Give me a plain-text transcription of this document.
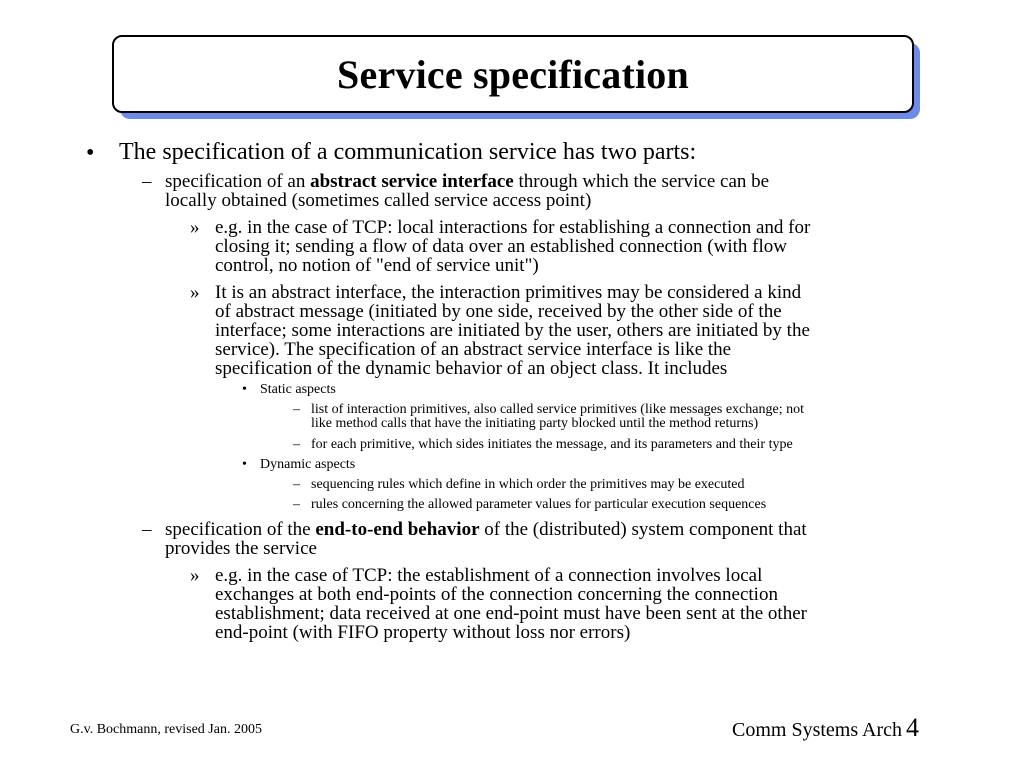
Service specification
• The specification of a communication service has two parts:
– specification of an abstract service interface through which the service can be
locally obtained (sometimes called service access point)
» e.g. in the case of TCP: local interactions for establishing a connection and for
closing it; sending a flow of data over an established connection (with flow
control, no notion of "end of service unit")
» It is an abstract interface, the interaction primitives may be considered a kind
of abstract message (initiated by one side, received by the other side of the
interface; some interactions are initiated by the user, others are initiated by the
service). The specification of an abstract service interface is like the
specification of the dynamic behavior of an object class. It includes
• Static aspects
– list of interaction primitives, also called service primitives (like messages exchange; not
like method calls that have the initiating party blocked until the method returns)
– for each primitive, which sides initiates the message, and its parameters and their type
• Dynamic aspects
– sequencing rules which define in which order the primitives may be executed
– rules concerning the allowed parameter values for particular execution sequences
– specification of the end-to-end behavior of the (distributed) system component that
provides the service
» e.g. in the case of TCP: the establishment of a connection involves local
exchanges at both end-points of the connection concerning the connection
establishment; data received at one end-point must have been sent at the other
end-point (with FIFO property without loss nor errors)
G.v. Bochmann, revised Jan. 2005	Comm Systems Arch 4
